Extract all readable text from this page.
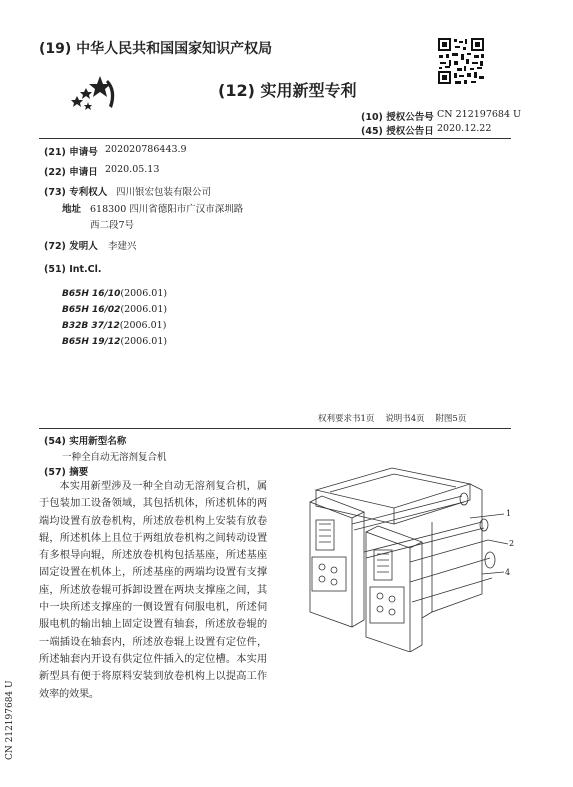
(19) 中华人民共和国国家知识产权局
(12) 实用新型专利
(10) 授权公告号 CN 212197684 U
(45) 授权公告日 2020.12.22
(21) 申请号 202020786443.9
(22) 申请日 2020.05.13
(73) 专利权人 四川银宏包装有限公司
地址 618300 四川省德阳市广汉市深圳路
西二段7号
(72) 发明人 李建兴
(51) Int.Cl.
B65H 16/10(2006.01)
B65H 16/02(2006.01)
B32B 37/12(2006.01)
B65H 19/12(2006.01)
权利要求书1页    说明书4页    附图5页
(54) 实用新型名称
一种全自动无溶剂复合机
(57) 摘要
本实用新型涉及一种全自动无溶剂复合机，属于包装加工设备领域，其包括机体，所述机体的两端均设置有放卷机构，所述放卷机构上安装有放卷辊，所述机体上且位于两组放卷机构之间转动设置有多根导向辊，所述放卷机构包括基座，所述基座固定设置在机体上，所述基座的两端均设置有支撑座，所述放卷辊可拆卸设置在两块支撑座之间，其中一块所述支撑座的一侧设置有伺服电机，所述伺服电机的输出轴上固定设置有轴套，所述放卷辊的一端插设在轴套内，所述放卷辊上设置有定位件，所述轴套内开设有供定位件插入的定位槽。本实用新型具有便于将原料安装到放卷机构上以提高工作效率的效果。
CN 212197684 U
1
2
4
